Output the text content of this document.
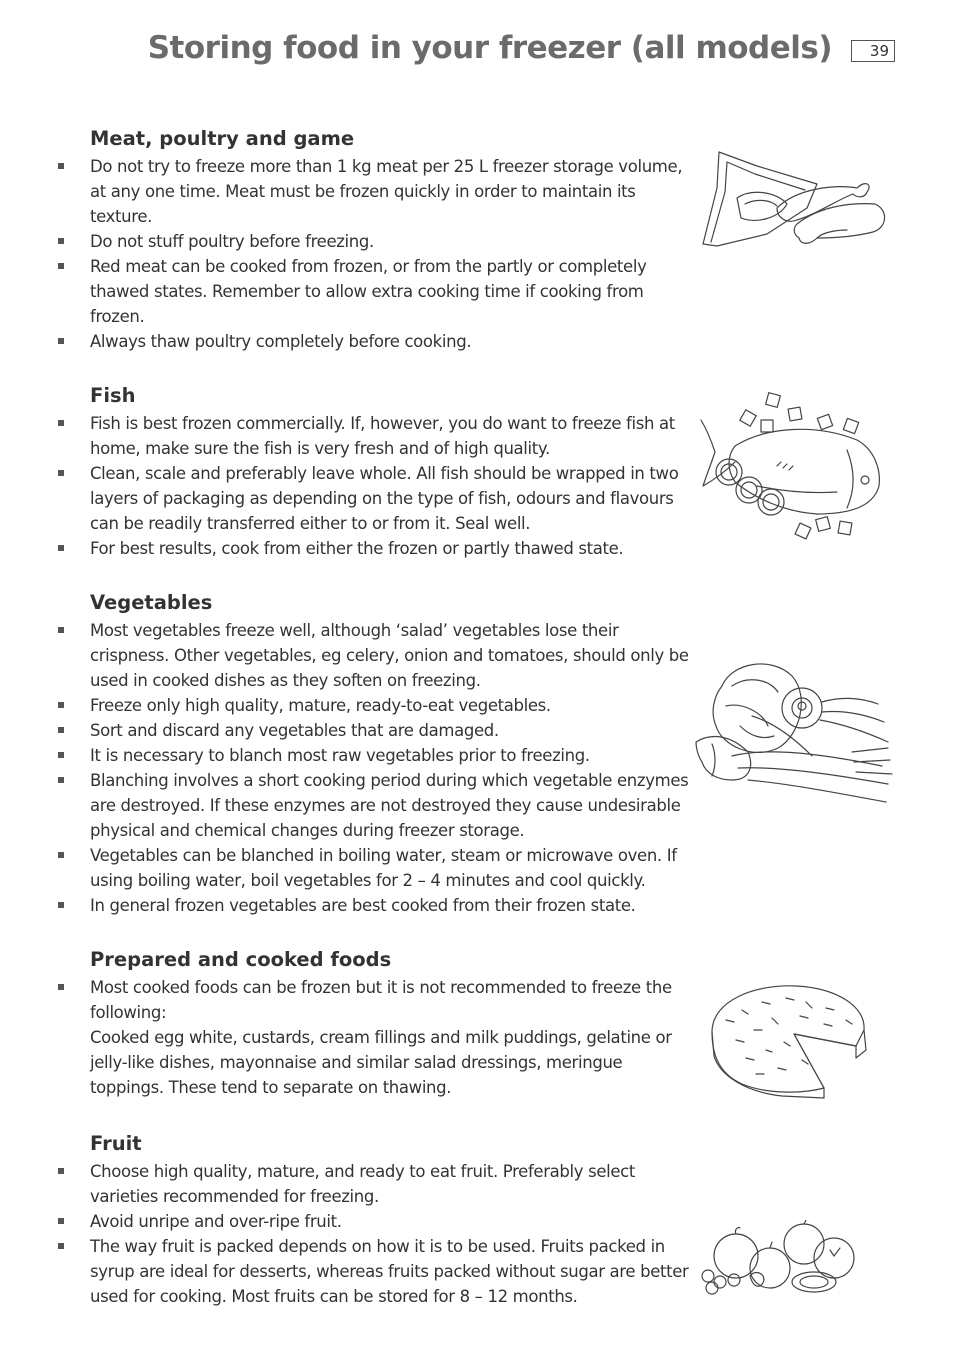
Storing food in your freezer (all models)	39
Meat, poultry and game
Do not try to freeze more than 1 kg meat per 25 L freezer storage volume, at any one time. Meat must be frozen quickly in order to maintain its texture.
Do not stuff poultry before freezing.
Red meat can be cooked from frozen, or from the partly or completely thawed states. Remember to allow extra cooking time if cooking from frozen.
Always thaw poultry completely before cooking.
Fish
Fish is best frozen commercially. If, however, you do want to freeze fish at home, make sure the fish is very fresh and of high quality.
Clean, scale and preferably leave whole. All fish should be wrapped in two layers of packaging as depending on the type of fish, odours and flavours can be readily transferred either to or from it. Seal well.
For best results, cook from either the frozen or partly thawed state.
Vegetables
Most vegetables freeze well, although ‘salad’ vegetables lose their crispness. Other vegetables, eg celery, onion and tomatoes, should only be used in cooked dishes as they soften on freezing.
Freeze only high quality, mature, ready-to-eat vegetables.
Sort and discard any vegetables that are damaged.
It is necessary to blanch most raw vegetables prior to freezing.
Blanching involves a short cooking period during which vegetable enzymes are destroyed. If these enzymes are not destroyed they cause undesirable physical and chemical changes during freezer storage.
Vegetables can be blanched in boiling water, steam or microwave oven. If using boiling water, boil vegetables for 2 – 4 minutes and cool quickly.
In general frozen vegetables are best cooked from their frozen state.
Prepared and cooked foods

Most cooked foods can be frozen but it is not recommended to freeze the following:

Cooked egg white, custards, cream fillings and milk puddings, gelatine or jelly-like dishes, mayonnaise and similar salad dressings, meringue toppings. These tend to separate on thawing.

Fruit
Choose high quality, mature, and ready to eat fruit. Preferably select varieties recommended for freezing.
Avoid unripe and over-ripe fruit.
The way fruit is packed depends on how it is to be used. Fruits packed in syrup are ideal for desserts, whereas fruits packed without sugar are better used for cooking. Most fruits can be stored for 8 – 12 months.
